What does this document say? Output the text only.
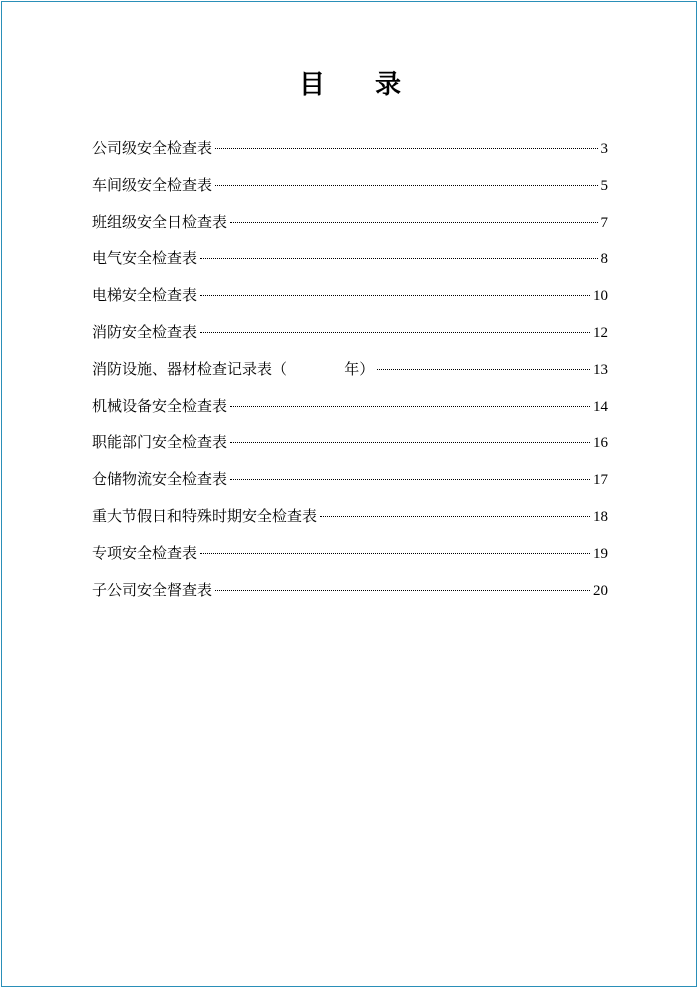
目 录
公司级安全检查表	3
车间级安全检查表	5
班组级安全日检查表	7
电气安全检查表	8
电梯安全检查表	10
消防安全检查表	12
消防设施、器材检查记录表（            年）	13
机械设备安全检查表	14
职能部门安全检查表	16
仓储物流安全检查表	17
重大节假日和特殊时期安全检查表	18
专项安全检查表	19
子公司安全督查表	20
